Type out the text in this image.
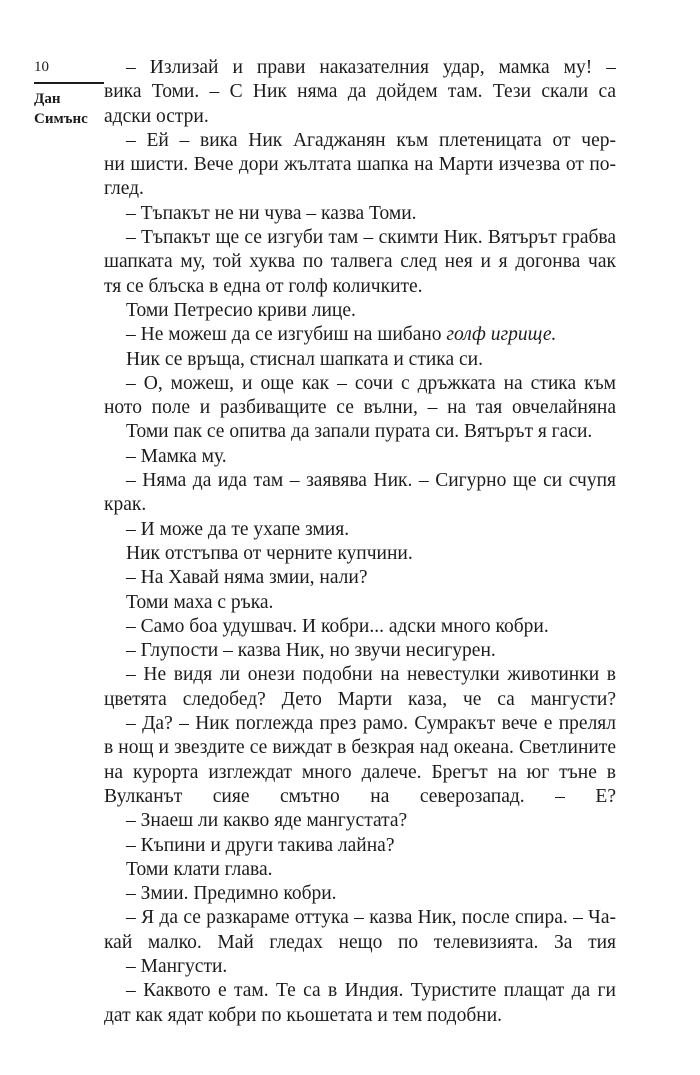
10
Дан
Симънс
– Излизай и прави наказателния удар, мамка му! –
вика Томи. – С Ник няма да дойдем там. Тези скали са
адски остри.
– Ей – вика Ник Агаджанян към плетеницата от чер-
ни шисти. Вече дори жълтата шапка на Марти изчезва от по-
глед.
– Тъпакът не ни чува – казва Томи.
– Тъпакът ще се изгуби там – скимти Ник. Вятърът грабва
шапката му, той хуква по талвега след нея и я догонва чак
тя се блъска в една от голф количките.
Томи Петресио криви лице.
– Не можеш да се изгубиш на шибано голф игрище.
Ник се връща, стиснал шапката и стика си.
– О, можеш, и още как – сочи с дръжката на стика към
ното поле и разбиващите се вълни, – на тая овчелайняна
Томи пак се опитва да запали пурата си. Вятърът я гаси.
– Мамка му.
– Няма да ида там – заявява Ник. – Сигурно ще си счупя
крак.
– И може да те ухапе змия.
Ник отстъпва от черните купчини.
– На Хавай няма змии, нали?
Томи маха с ръка.
– Само боа удушвач. И кобри... адски много кобри.
– Глупости – казва Ник, но звучи несигурен.
– Не видя ли онези подобни на невестулки животинки в
цветята следобед? Дето Марти каза, че са мангусти?
– Да? – Ник поглежда през рамо. Сумракът вече е прелял
в нощ и звездите се виждат в безкрая над океана. Светлините
на курорта изглеждат много далече. Брегът на юг тъне в
Вулканът сияе смътно на северозапад. – Е?
– Знаеш ли какво яде мангустата?
– Къпини и други такива лайна?
Томи клати глава.
– Змии. Предимно кобри.
– Я да се разкараме оттука – казва Ник, после спира. – Ча-
кай малко. Май гледах нещо по телевизията. За тия
– Мангусти.
– Каквото е там. Те са в Индия. Туристите плащат да ги
дат как ядат кобри по кьошетата и тем подобни.
